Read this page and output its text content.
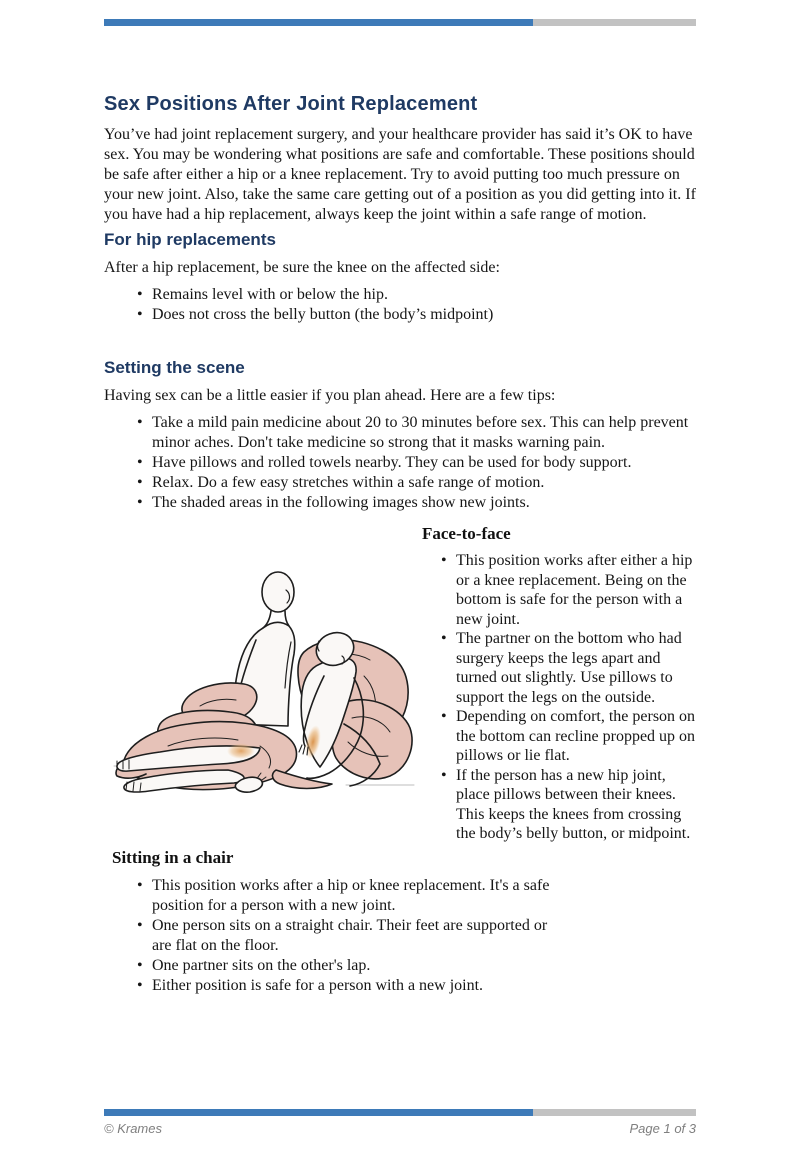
Sex Positions After Joint Replacement

You’ve had joint replacement surgery, and your healthcare provider has said it’s OK to have sex. You may be wondering what positions are safe and comfortable. These positions should be safe after either a hip or a knee replacement. Try to avoid putting too much pressure on your new joint. Also, take the same care getting out of a position as you did getting into it. If you have had a hip replacement, always keep the joint within a safe range of motion.

For hip replacements

After a hip replacement, be sure the knee on the affected side:

• Remains level with or below the hip.
• Does not cross the belly button (the body’s midpoint)
Setting the scene

Having sex can be a little easier if you plan ahead. Here are a few tips:

• Take a mild pain medicine about 20 to 30 minutes before sex. This can help prevent minor aches. Don't take medicine so strong that it masks warning pain.
• Have pillows and rolled towels nearby. They can be used for body support.
• Relax. Do a few easy stretches within a safe range of motion.
• The shaded areas in the following images show new joints.
Face-to-face
• This position works after either a hip or a knee replacement. Being on the bottom is safe for the person with a new joint.
• The partner on the bottom who had surgery keeps the legs apart and turned out slightly. Use pillows to support the legs on the outside.
• Depending on comfort, the person on the bottom can recline propped up on pillows or lie flat.
• If the person has a new hip joint, place pillows between their knees. This keeps the knees from crossing the body’s belly button, or midpoint.
Sitting in a chair
• This position works after a hip or knee replacement. It's a safe position for a person with a new joint.
• One person sits on a straight chair. Their feet are supported or are flat on the floor.
• One partner sits on the other's lap.
• Either position is safe for a person with a new joint.
© Krames	Page 1 of 3
